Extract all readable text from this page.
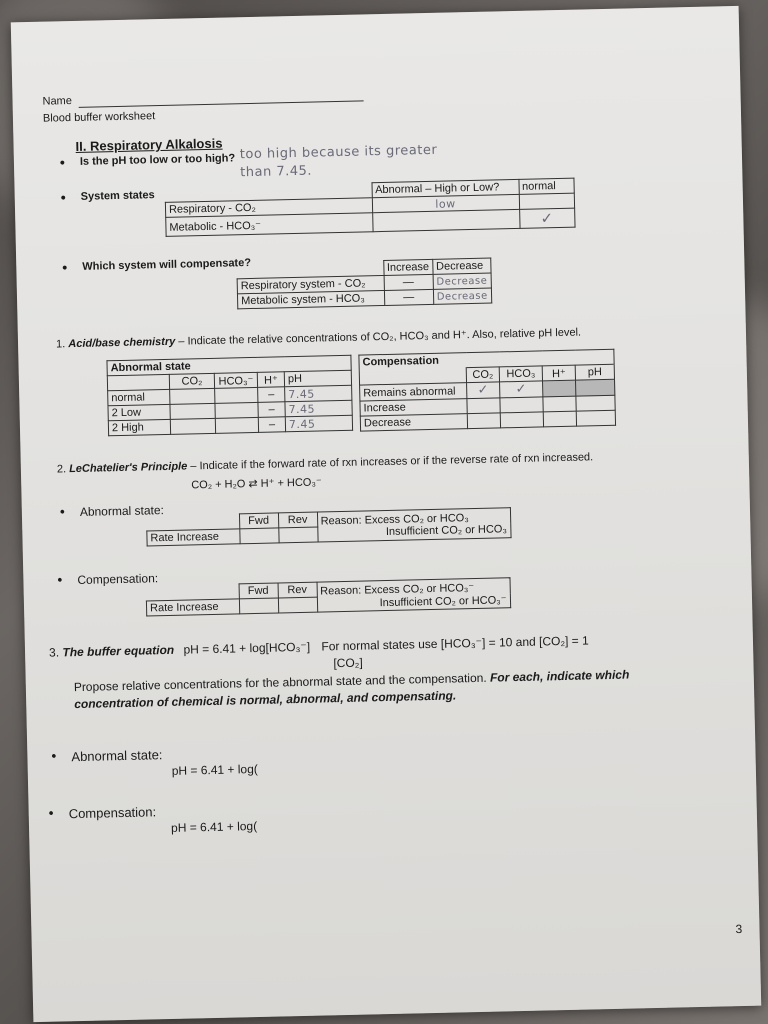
Name
Blood buffer worksheet
II. Respiratory Alkalosis
• Is the pH too low or too high? too high because its greater
than 7.45.
• System states
		Abnormal – High or Low?	normal
Respiratory - CO₂	low	
Metabolic - HCO₃⁻		✓
• Which system will compensate?
		Increase	Decrease
Respiratory system - CO₂	—	Decrease
Metabolic system - HCO₃	—	Decrease
1. Acid/base chemistry – Indicate the relative concentrations of CO₂, HCO₃ and H⁺. Also, relative pH level.
Abnormal state				
	CO₂	HCO₃⁻	H⁺	pH
normal			–	7.45
2 Low			–	7.45
2 High			–	7.45
Compensation				
	CO₂	HCO₃	H⁺	pH
Remains abnormal	✓	✓		
Increase				
Decrease				
2. LeChatelier's Principle – Indicate if the forward rate of rxn increases or if the reverse rate of rxn increased.
CO₂ + H₂O ⇄ H⁺ + HCO₃⁻
• Abnormal state:
	Fwd	Rev	Reason: Excess CO₂ or HCO₃
Insufficient CO₂ or HCO₃

Rate Increase			
• Compensation:
	Fwd	Rev	Reason: Excess CO₂ or HCO₃⁻
Insufficient CO₂ or HCO₃⁻

Rate Increase			
3. The buffer equation pH = 6.41 + log[HCO₃⁻] For normal states use [HCO₃⁻] = 10 and [CO₂] = 1
[CO₂]
Propose relative concentrations for the abnormal state and the compensation. For each, indicate which
concentration of chemical is normal, abnormal, and compensating.
• Abnormal state:
pH = 6.41 + log(
• Compensation:
pH = 6.41 + log(
3
